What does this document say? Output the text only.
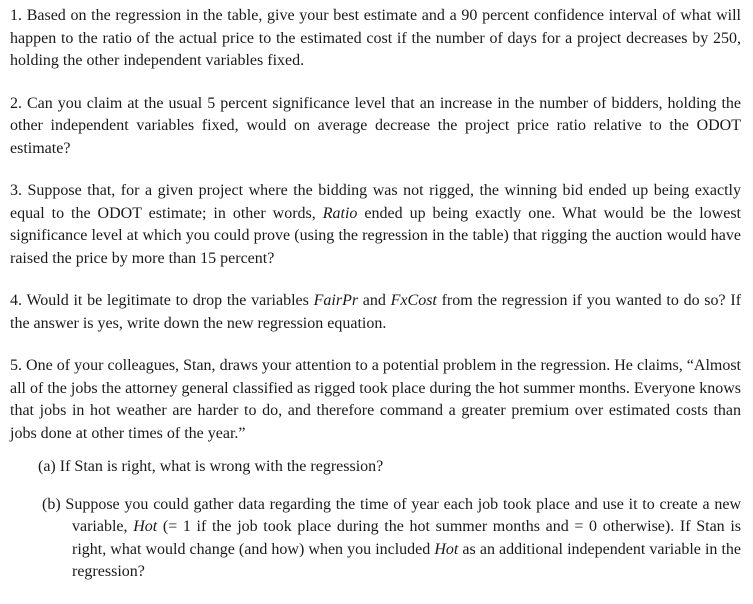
1. Based on the regression in the table, give your best estimate and a 90 percent confidence interval of what will happen to the ratio of the actual price to the estimated cost if the number of days for a project decreases by 250, holding the other independent variables fixed.

2. Can you claim at the usual 5 percent significance level that an increase in the number of bidders, holding the other independent variables fixed, would on average decrease the project price ratio relative to the ODOT estimate?

3. Suppose that, for a given project where the bidding was not rigged, the winning bid ended up being exactly equal to the ODOT estimate; in other words, Ratio ended up being exactly one. What would be the lowest significance level at which you could prove (using the regression in the table) that rigging the auction would have raised the price by more than 15 percent?

4. Would it be legitimate to drop the variables FairPr and FxCost from the regression if you wanted to do so? If the answer is yes, write down the new regression equation.

5. One of your colleagues, Stan, draws your attention to a potential problem in the regression. He claims, “Almost all of the jobs the attorney general classified as rigged took place during the hot summer months. Everyone knows that jobs in hot weather are harder to do, and therefore command a greater premium over estimated costs than jobs done at other times of the year.”

(a) If Stan is right, what is wrong with the regression?

(b) Suppose you could gather data regarding the time of year each job took place and use it to create a new variable, Hot (= 1 if the job took place during the hot summer months and = 0 otherwise). If Stan is right, what would change (and how) when you included Hot as an additional independent variable in the regression?
